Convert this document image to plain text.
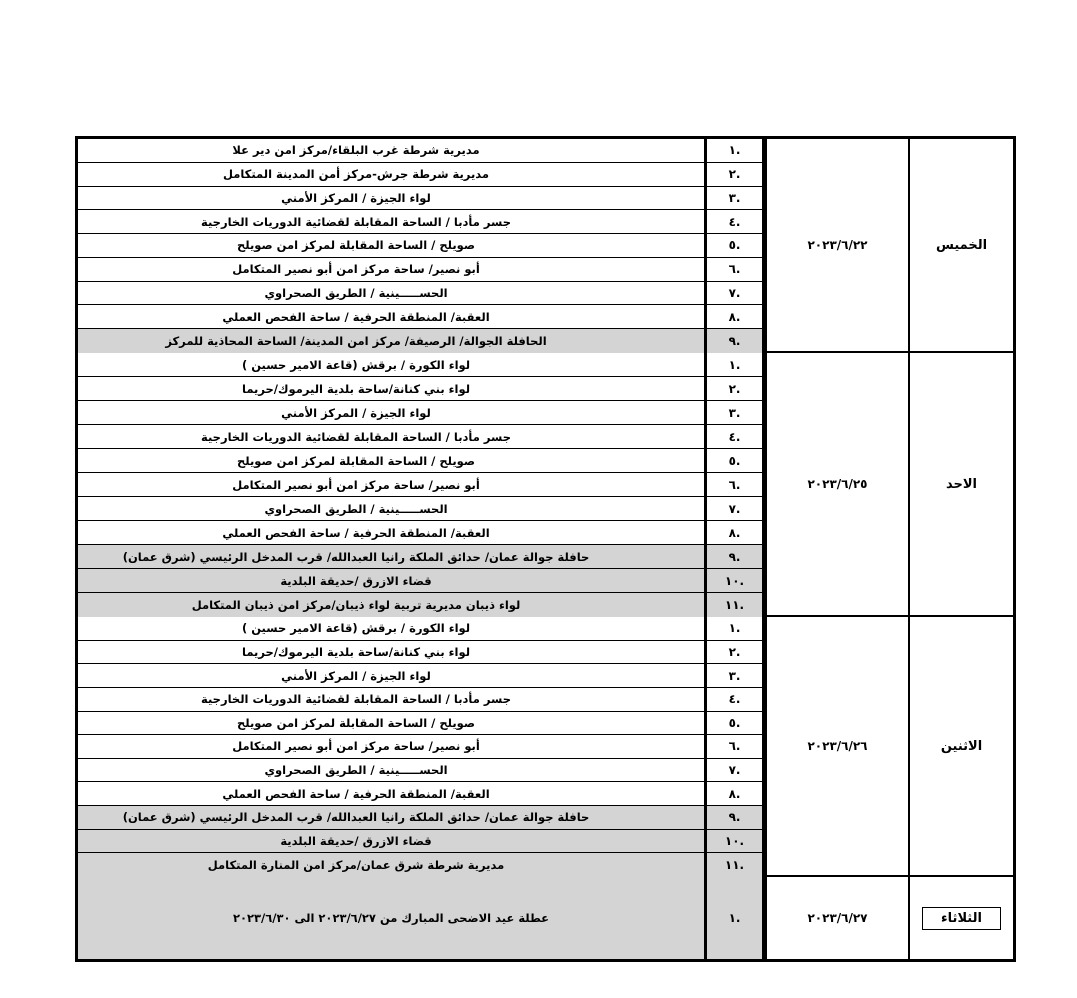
.١
مديرية شرطة غرب البلقاء/مركز امن دير علا
.٢
مديرية شرطة جرش-مركز أمن المدينة المتكامل
.٣
لواء الجيزة / المركز الأمني
.٤
جسر مأدبا / الساحة المقابلة لقضائية الدوريات الخارجية
.٥
صويلح / الساحة المقابلة لمركز امن صويلح
.٦
أبو نصير/ ساحة مركز امن أبو نصير المتكامل
.٧
الحســـــينية / الطريق الصحراوي
.٨
العقبة/ المنطقة الحرفية / ساحة الفحص العملي
.٩
الحافلة الجوالة/ الرصيفة/ مركز امن المدينة/ الساحة المحاذية للمركز
٢٠٢٣/٦/٢٢	الخميس
.١
لواء الكورة / برقش (قاعة الامير حسين )
.٢
لواء بني كنانة/ساحة بلدية اليرموك/حريما
.٣
لواء الجيزة / المركز الأمني
.٤
جسر مأدبا / الساحة المقابلة لقضائية الدوريات الخارجية
.٥
صويلح / الساحة المقابلة لمركز امن صويلح
.٦
أبو نصير/ ساحة مركز امن أبو نصير المتكامل
.٧
الحســـــينية / الطريق الصحراوي
.٨
العقبة/ المنطقة الحرفية / ساحة الفحص العملي
.٩
حافلة جوالة عمان/ حدائق الملكة رانيا العبدالله/ قرب المدخل الرئيسي (شرق عمان)
.١٠
قضاء الازرق /حديقة البلدية
.١١
لواء ذيبان مديرية تربية لواء ذيبان/مركز امن ذيبان المتكامل
٢٠٢٣/٦/٢٥	الاحد
.١
لواء الكورة / برقش (قاعة الامير حسين )
.٢
لواء بني كنانة/ساحة بلدية اليرموك/حريما
.٣
لواء الجيزة / المركز الأمني
.٤
جسر مأدبا / الساحة المقابلة لقضائية الدوريات الخارجية
.٥
صويلح / الساحة المقابلة لمركز امن صويلح
.٦
أبو نصير/ ساحة مركز امن أبو نصير المتكامل
.٧
الحســـــينية / الطريق الصحراوي
.٨
العقبة/ المنطقة الحرفية / ساحة الفحص العملي
.٩
حافلة جوالة عمان/ حدائق الملكة رانيا العبدالله/ قرب المدخل الرئيسي (شرق عمان)
.١٠
قضاء الازرق /حديقة البلدية
.١١
مديرية شرطة شرق عمان/مركز امن المنارة المتكامل
٢٠٢٣/٦/٢٦	الاثنين
.١
عطلة عيد الاضحى المبارك من ٢٠٢٣/٦/٢٧ الى ٢٠٢٣/٦/٣٠	٢٠٢٣/٦/٢٧	الثلاثاء
